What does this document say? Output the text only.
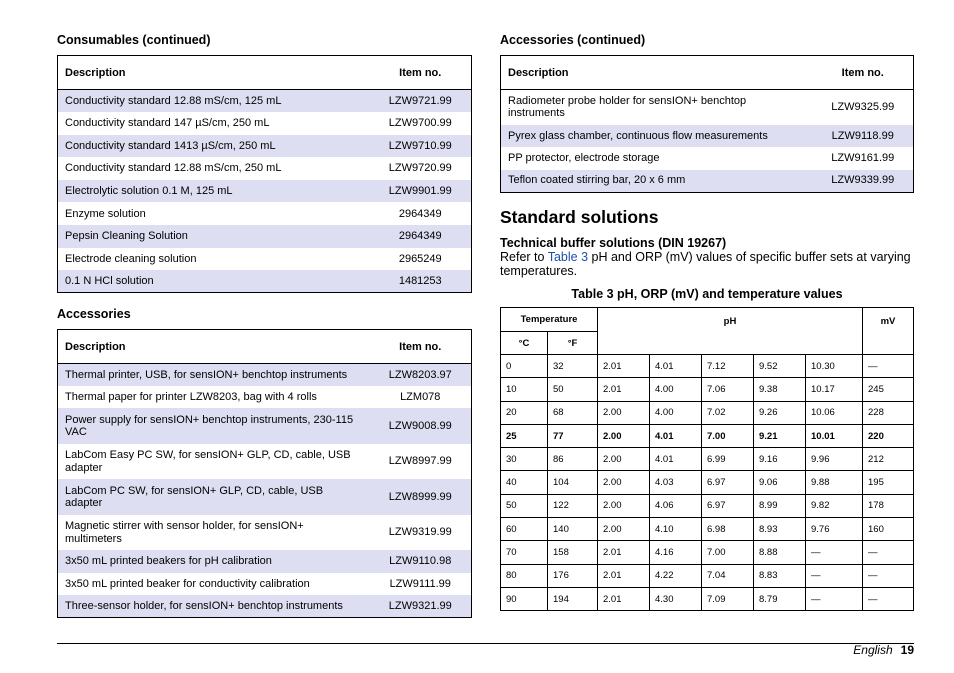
Consumables (continued)
Description	Item no.
Conductivity standard 12.88 mS/cm, 125 mL	LZW9721.99
Conductivity standard 147 µS/cm, 250 mL	LZW9700.99
Conductivity standard 1413 µS/cm, 250 mL	LZW9710.99
Conductivity standard 12.88 mS/cm, 250 mL	LZW9720.99
Electrolytic solution 0.1 M, 125 mL	LZW9901.99
Enzyme solution	2964349
Pepsin Cleaning Solution	2964349
Electrode cleaning solution	2965249
0.1 N HCl solution	1481253
Accessories
Description	Item no.
Thermal printer, USB, for sensION+ benchtop instruments	LZW8203.97
Thermal paper for printer LZW8203, bag with 4 rolls	LZM078
Power supply for sensION+ benchtop instruments, 230-115 VAC	LZW9008.99
LabCom Easy PC SW, for sensION+ GLP, CD, cable, USB adapter	LZW8997.99
LabCom PC SW, for sensION+ GLP, CD, cable, USB adapter	LZW8999.99
Magnetic stirrer with sensor holder, for sensION+ multimeters	LZW9319.99
3x50 mL printed beakers for pH calibration	LZW9110.98
3x50 mL printed beaker for conductivity calibration	LZW9111.99
Three-sensor holder, for sensION+ benchtop instruments	LZW9321.99
Accessories (continued)
Description	Item no.
Radiometer probe holder for sensION+ benchtop instruments	LZW9325.99
Pyrex glass chamber, continuous flow measurements	LZW9118.99
PP protector, electrode storage	LZW9161.99
Teflon coated stirring bar, 20 x 6 mm	LZW9339.99
Standard solutions
Technical buffer solutions (DIN 19267)
Refer to Table 3 pH and ORP (mV) values of specific buffer sets at varying temperatures.
Table 3 pH, ORP (mV) and temperature values
Temperature		pH					mV
°C	°F						
0	32	2.01	4.01	7.12	9.52	10.30	—
10	50	2.01	4.00	7.06	9.38	10.17	245
20	68	2.00	4.00	7.02	9.26	10.06	228
25	77	2.00	4.01	7.00	9.21	10.01	220
30	86	2.00	4.01	6.99	9.16	9.96	212
40	104	2.00	4.03	6.97	9.06	9.88	195
50	122	2.00	4.06	6.97	8.99	9.82	178
60	140	2.00	4.10	6.98	8.93	9.76	160
70	158	2.01	4.16	7.00	8.88	—	—
80	176	2.01	4.22	7.04	8.83	—	—
90	194	2.01	4.30	7.09	8.79	—	—
English 19
